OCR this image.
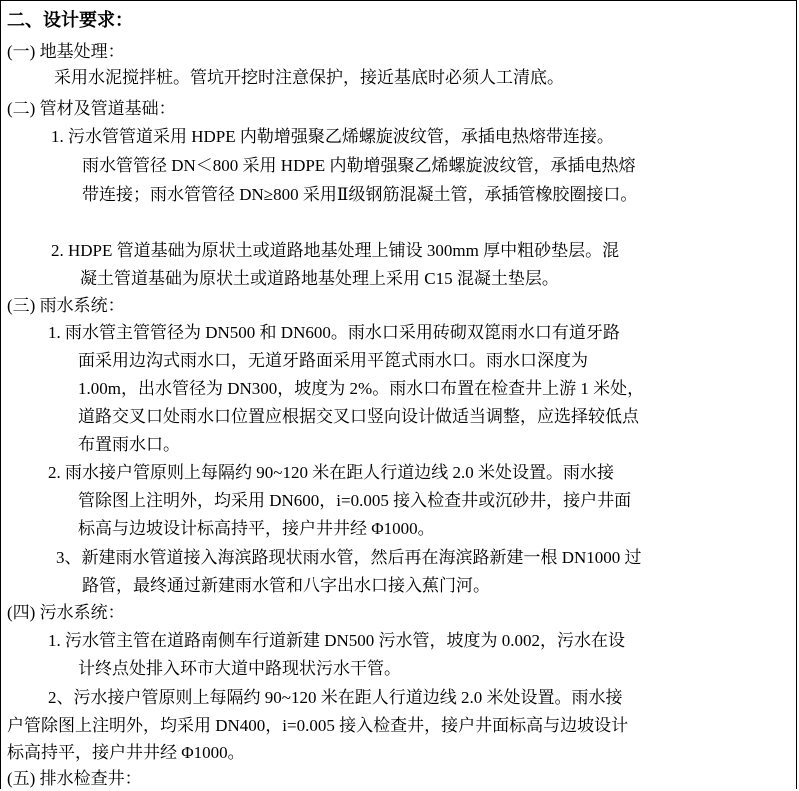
二、设计要求：
(一) 地基处理：
采用水泥搅拌桩。管坑开挖时注意保护，接近基底时必须人工清底。
(二) 管材及管道基础：
1. 污水管管道采用 HDPE 内勒增强聚乙烯螺旋波纹管，承插电热熔带连接。
雨水管管径 DN＜800 采用 HDPE 内勒增强聚乙烯螺旋波纹管，承插电热熔
带连接；雨水管管径 DN≥800 采用Ⅱ级钢筋混凝土管，承插管橡胶圈接口。
2. HDPE 管道基础为原状土或道路地基处理上铺设 300mm 厚中粗砂垫层。混
凝土管道基础为原状土或道路地基处理上采用 C15 混凝土垫层。
(三) 雨水系统：
1. 雨水管主管管径为 DN500 和 DN600。雨水口采用砖砌双箆雨水口有道牙路
面采用边沟式雨水口，无道牙路面采用平箆式雨水口。雨水口深度为
1.00m，出水管径为 DN300，坡度为 2%。雨水口布置在检查井上游 1 米处，
道路交叉口处雨水口位置应根据交叉口竖向设计做适当调整，应选择较低点
布置雨水口。
2. 雨水接户管原则上每隔约 90~120 米在距人行道边线 2.0 米处设置。雨水接
管除图上注明外，均采用 DN600，i=0.005 接入检查井或沉砂井，接户井面
标高与边坡设计标高持平，接户井井经 Φ1000。
3、新建雨水管道接入海滨路现状雨水管，然后再在海滨路新建一根 DN1000 过
路管，最终通过新建雨水管和八字出水口接入蕉门河。
(四) 污水系统：
1. 污水管主管在道路南侧车行道新建 DN500 污水管，坡度为 0.002，污水在设
计终点处排入环市大道中路现状污水干管。
2、污水接户管原则上每隔约 90~120 米在距人行道边线 2.0 米处设置。雨水接
户管除图上注明外，均采用 DN400，i=0.005 接入检查井，接户井面标高与边坡设计
标高持平，接户井井经 Φ1000。
(五) 排水检查井：
